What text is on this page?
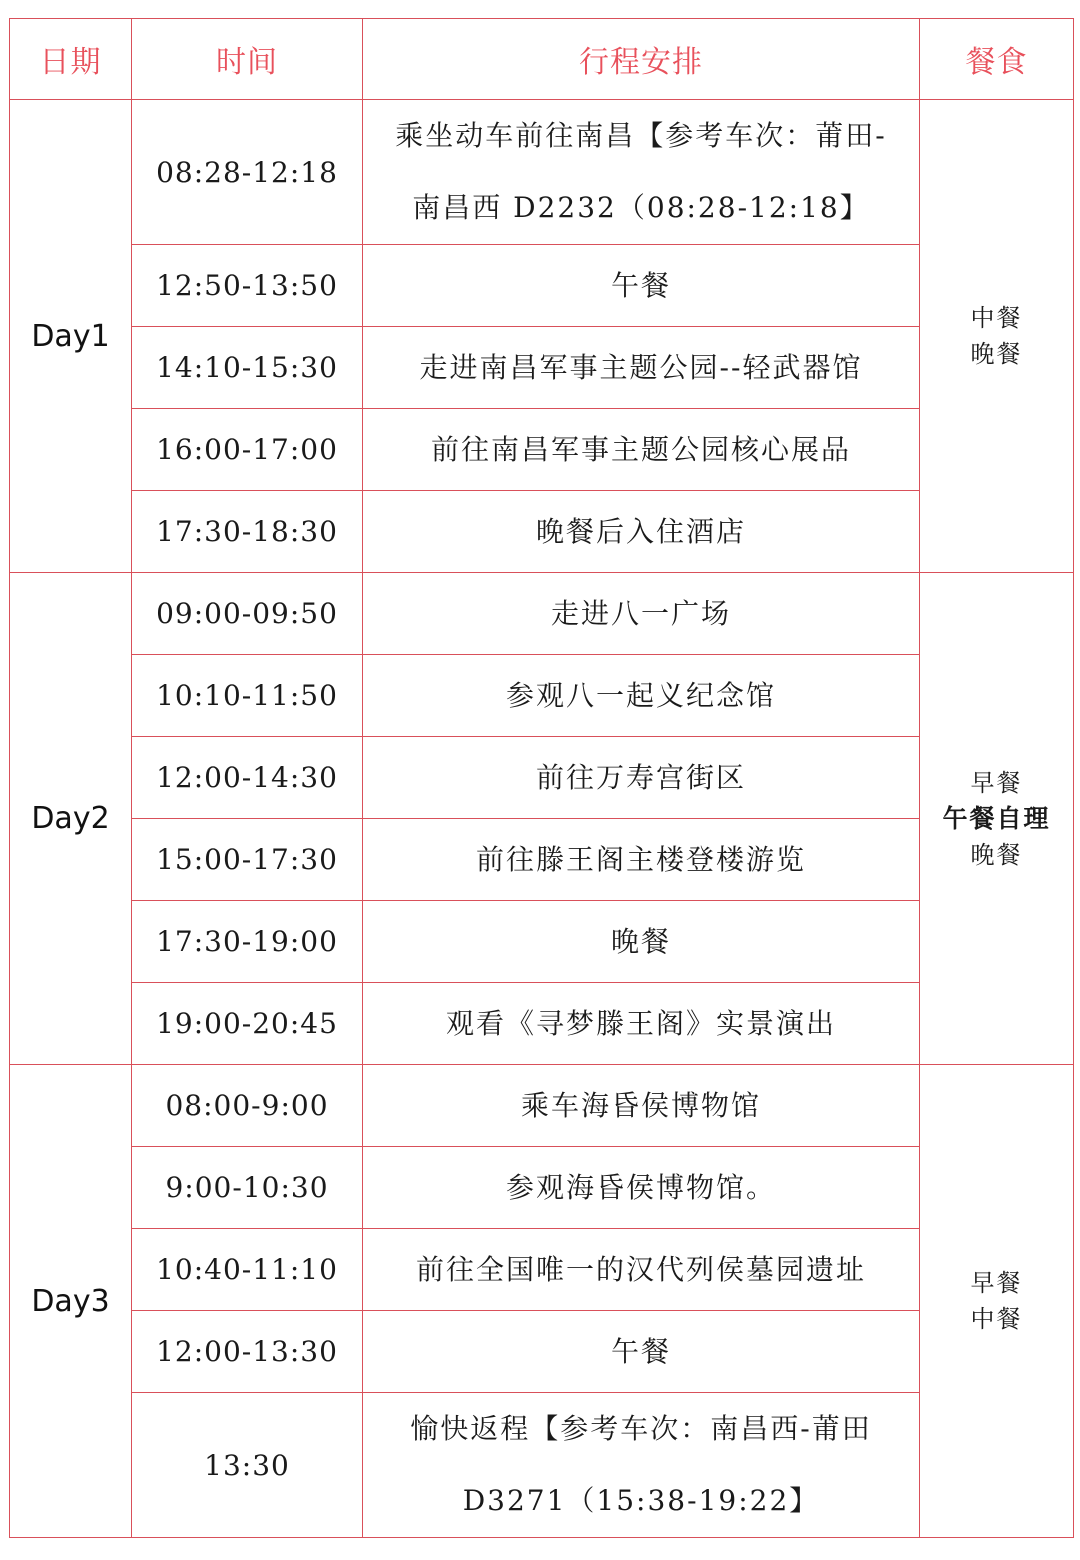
日期	时间	行程安排	餐食
Day1	08:28-12:18	乘坐动车前往南昌【参考车次：莆田-
南昌西 D2232（08:28-12:18】	中餐
晚餐

	12:50-13:50	午餐	

	14:10-15:30	走进南昌军事主题公园--轻武器馆	

	16:00-17:00	前往南昌军事主题公园核心展品	

	17:30-18:30	晚餐后入住酒店	

Day2	09:00-09:50	走进八一广场	早餐
午餐自理
晚餐

	10:10-11:50	参观八一起义纪念馆	

	12:00-14:30	前往万寿宫街区	

	15:00-17:30	前往滕王阁主楼登楼游览	

	17:30-19:00	晚餐	

	19:00-20:45	观看《寻梦滕王阁》实景演出	

Day3	08:00-9:00	乘车海昏侯博物馆	早餐
中餐

	9:00-10:30	参观海昏侯博物馆。	

	10:40-11:10	前往全国唯一的汉代列侯墓园遗址	

	12:00-13:30	午餐	

	13:30	愉快返程【参考车次：南昌西-莆田
D3271（15:38-19:22】	
